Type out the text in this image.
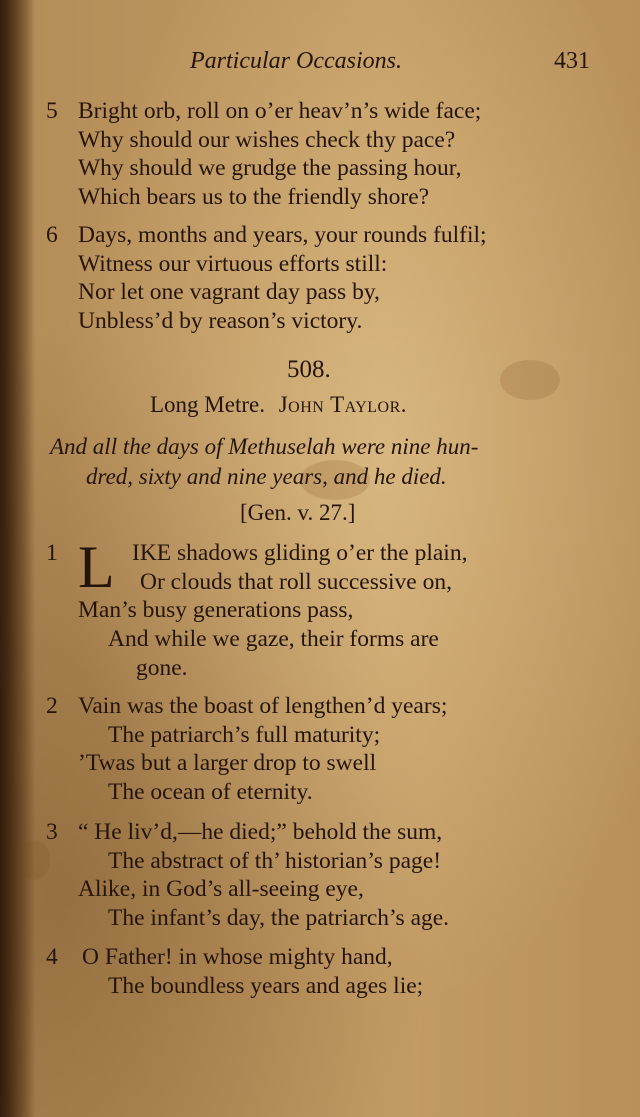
Particular Occasions.	431
5 Bright orb, roll on o’er heav’n’s wide face;
Why should our wishes check thy pace?
Why should we grudge the passing hour,
Which bears us to the friendly shore?
6 Days, months and years, your rounds fulfil;
Witness our virtuous efforts still:
Nor let one vagrant day pass by,
Unbless’d by reason’s victory.
508.
Long Metre. John Taylor.
And all the days of Methuselah were nine hun-
dred, sixty and nine years, and he died.
[Gen. v. 27.]
1 L IKE shadows gliding o’er the plain,
Or clouds that roll successive on,
Man’s busy generations pass,
And while we gaze, their forms are
gone.
2 Vain was the boast of lengthen’d years;
The patriarch’s full maturity;
’Twas but a larger drop to swell
The ocean of eternity.
3 “ He liv’d,—he died;” behold the sum,
The abstract of th’ historian’s page!
Alike, in God’s all-seeing eye,
The infant’s day, the patriarch’s age.
4	O Father! in whose mighty hand,
The boundless years and ages lie;
